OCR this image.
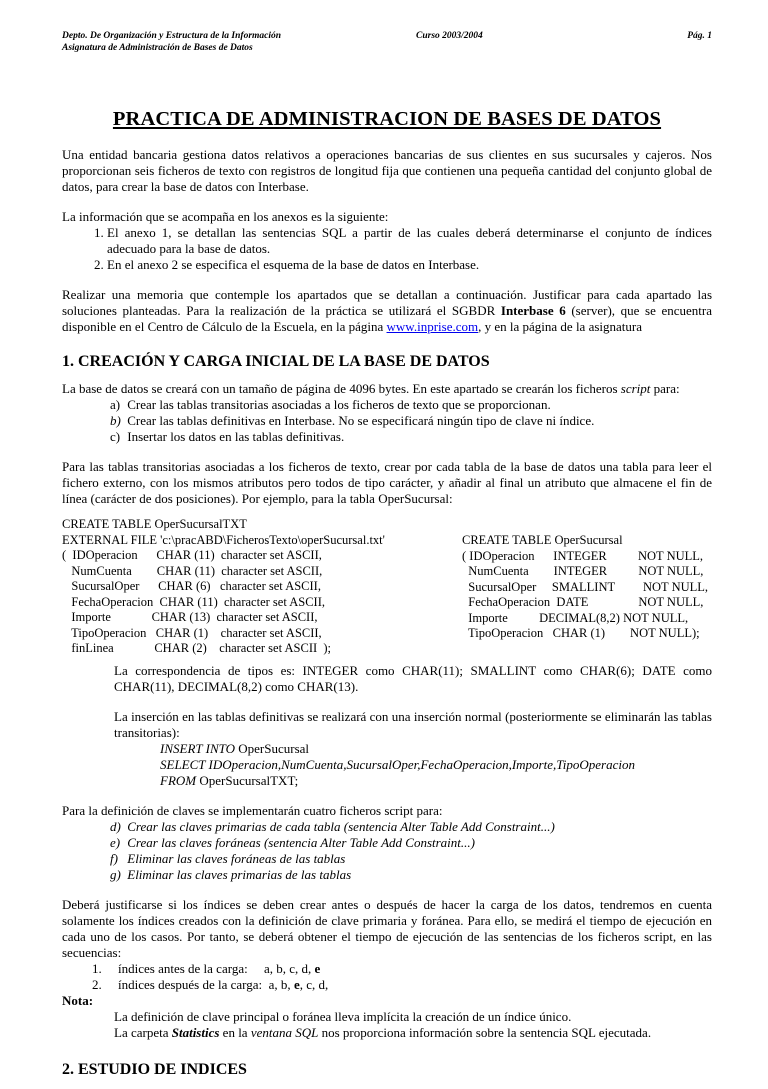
Depto. De Organización y Estructura de la Información
Asignatura de Administración de Bases de Datos
Curso 2003/2004	Pág. 1
PRACTICA DE ADMINISTRACION DE BASES DE DATOS

Una entidad bancaria gestiona datos relativos a operaciones bancarias de sus clientes en sus sucursales y cajeros. Nos proporcionan seis ficheros de texto con registros de longitud fija que contienen una pequeña cantidad del conjunto global de datos, para crear la base de datos con Interbase.

La información que se acompaña en los anexos es la siguiente:

1. El anexo 1, se detallan las sentencias SQL a partir de las cuales deberá determinarse el conjunto de índices adecuado para la base de datos.
2. En el anexo 2 se especifica el esquema de la base de datos en Interbase.

Realizar una memoria que contemple los apartados que se detallan a continuación. Justificar para cada apartado las soluciones planteadas. Para la realización de la práctica se utilizará el SGBDR Interbase 6 (server), que se encuentra disponible en el Centro de Cálculo de la Escuela, en la página www.inprise.com, y en la página de la asignatura

1. CREACIÓN Y CARGA INICIAL DE LA BASE DE DATOS

La base de datos se creará con un tamaño de página de 4096 bytes. En este apartado se crearán los ficheros script para:

a) Crear las tablas transitorias asociadas a los ficheros de texto que se proporcionan.
b) Crear las tablas definitivas en Interbase. No se especificará ningún tipo de clave ni índice.
c) Insertar los datos en las tablas definitivas.

Para las tablas transitorias asociadas a los ficheros de texto, crear por cada tabla de la base de datos una tabla para leer el fichero externo, con los mismos atributos pero todos de tipo carácter, y añadir al final un atributo que almacene el fin de línea (carácter de dos posiciones). Por ejemplo, para la tabla OperSucursal:

CREATE TABLE OperSucursalTXT
EXTERNAL FILE 'c:\pracABD\FicherosTexto\operSucursal.txt'
(  IDOperacion      CHAR (11)  character set ASCII,
NumCuenta        CHAR (11)  character set ASCII,
SucursalOper      CHAR (6)   character set ASCII,
FechaOperacion  CHAR (11)  character set ASCII,
Importe             CHAR (13)  character set ASCII,
TipoOperacion   CHAR (1)    character set ASCII,
finLinea             CHAR (2)    character set ASCII  );
CREATE TABLE OperSucursal
( IDOperacion      INTEGER          NOT NULL,
NumCuenta        INTEGER          NOT NULL,
SucursalOper     SMALLINT         NOT NULL,
FechaOperacion  DATE                NOT NULL,
Importe          DECIMAL(8,2) NOT NULL,
TipoOperacion   CHAR (1)        NOT NULL);

La correspondencia de tipos es: INTEGER como CHAR(11); SMALLINT como CHAR(6); DATE como CHAR(11), DECIMAL(8,2) como CHAR(13).

La inserción en las tablas definitivas se realizará con una inserción normal (posteriormente se eliminarán las tablas transitorias):

INSERT INTO OperSucursal

SELECT IDOperacion,NumCuenta,SucursalOper,FechaOperacion,Importe,TipoOperacion

FROM OperSucursalTXT;

Para la definición de claves se implementarán cuatro ficheros script para:

d) Crear las claves primarias de cada tabla (sentencia Alter Table Add Constraint...)
e) Crear las claves foráneas (sentencia Alter Table Add Constraint...)
f) Eliminar las claves foráneas de las tablas
g) Eliminar las claves primarias de las tablas

Deberá justificarse si los índices se deben crear antes o después de hacer la carga de los datos, tendremos en cuenta solamente los índices creados con la definición de clave primaria y foránea. Para ello, se medirá el tiempo de ejecución en cada uno de los casos. Por tanto, se deberá obtener el tiempo de ejecución de las sentencias de los ficheros script, en las secuencias:

1. índices antes de la carga: a, b, c, d, e

2. índices después de la carga: a, b, e, c, d,

Nota:

La definición de clave principal o foránea lleva implícita la creación de un índice único.

La carpeta Statistics en la ventana SQL nos proporciona información sobre la sentencia SQL ejecutada.

2. ESTUDIO DE INDICES
